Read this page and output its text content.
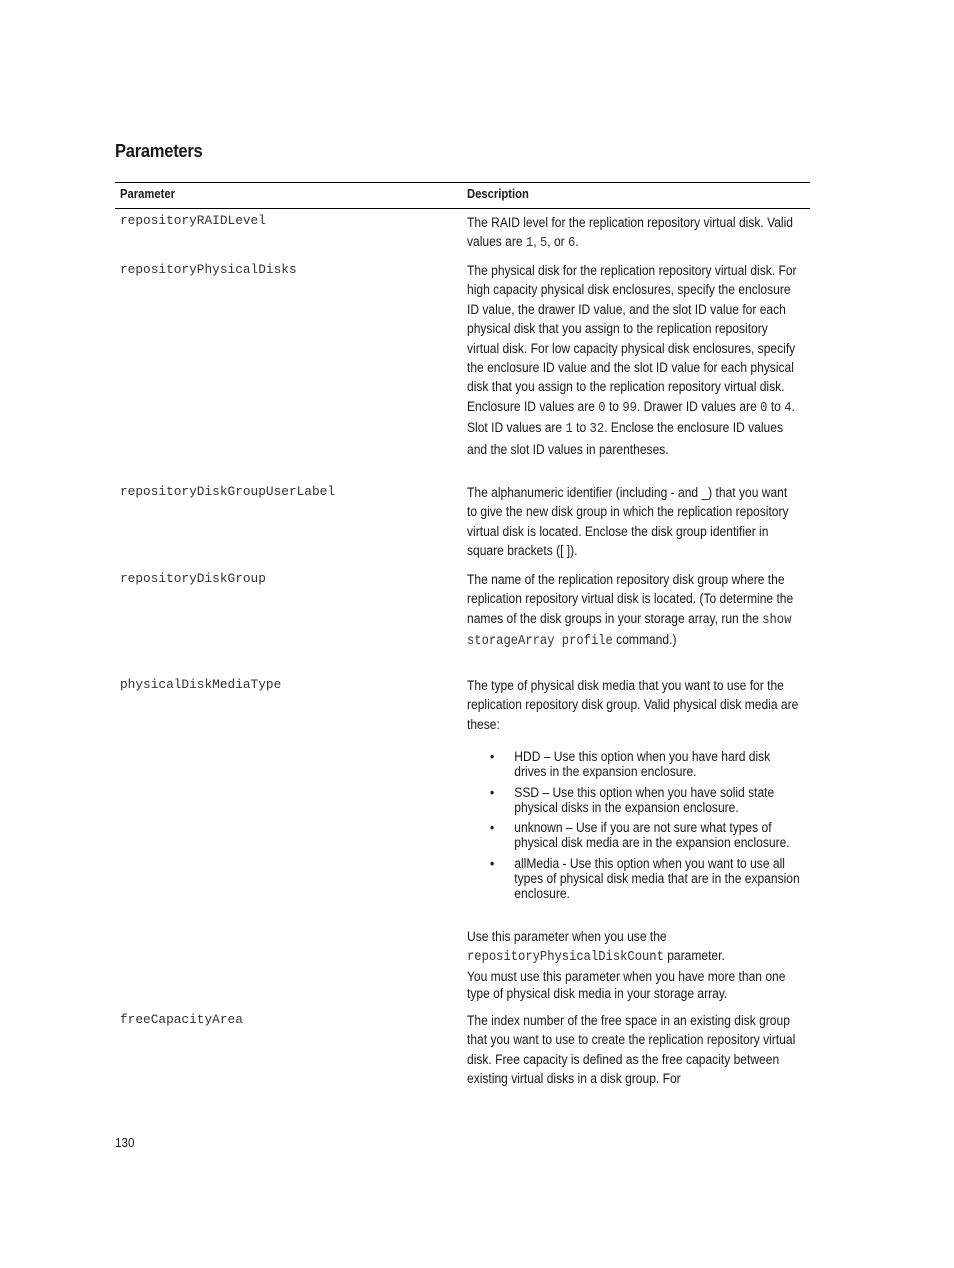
Parameters
Parameter	Description
repositoryRAIDLevel	The RAID level for the replication repository virtual disk. Valid values are 1, 5, or 6.

repositoryPhysicalDisks	The physical disk for the replication repository virtual disk. For high capacity physical disk enclosures, specify the enclosure ID value, the drawer ID value, and the slot ID value for each physical disk that you assign to the replication repository virtual disk. For low capacity physical disk enclosures, specify the enclosure ID value and the slot ID value for each physical disk that you assign to the replication repository virtual disk. Enclosure ID values are 0 to 99. Drawer ID values are 0 to 4. Slot ID values are 1 to 32. Enclose the enclosure ID values and the slot ID values in parentheses.

repositoryDiskGroupUserLabel	The alphanumeric identifier (including - and _) that you want to give the new disk group in which the replication repository virtual disk is located. Enclose the disk group identifier in square brackets ([ ]).

repositoryDiskGroup	The name of the replication repository disk group where the replication repository virtual disk is located. (To determine the names of the disk groups in your storage array, run the show storageArray profile command.)

physicalDiskMediaType	The type of physical disk media that you want to use for the replication repository disk group. Valid physical disk media are these:

• HDD – Use this option when you have hard disk drives in the expansion enclosure.
• SSD – Use this option when you have solid state physical disks in the expansion enclosure.
• unknown – Use if you are not sure what types of physical disk media are in the expansion enclosure.
• allMedia - Use this option when you want to use all types of physical disk media that are in the expansion enclosure.

Use this parameter when you use the
repositoryPhysicalDiskCount parameter.

You must use this parameter when you have more than one type of physical disk media in your storage array.

freeCapacityArea	The index number of the free space in an existing disk group that you want to use to create the replication repository virtual disk. Free capacity is defined as the free capacity between existing virtual disks in a disk group. For

130
